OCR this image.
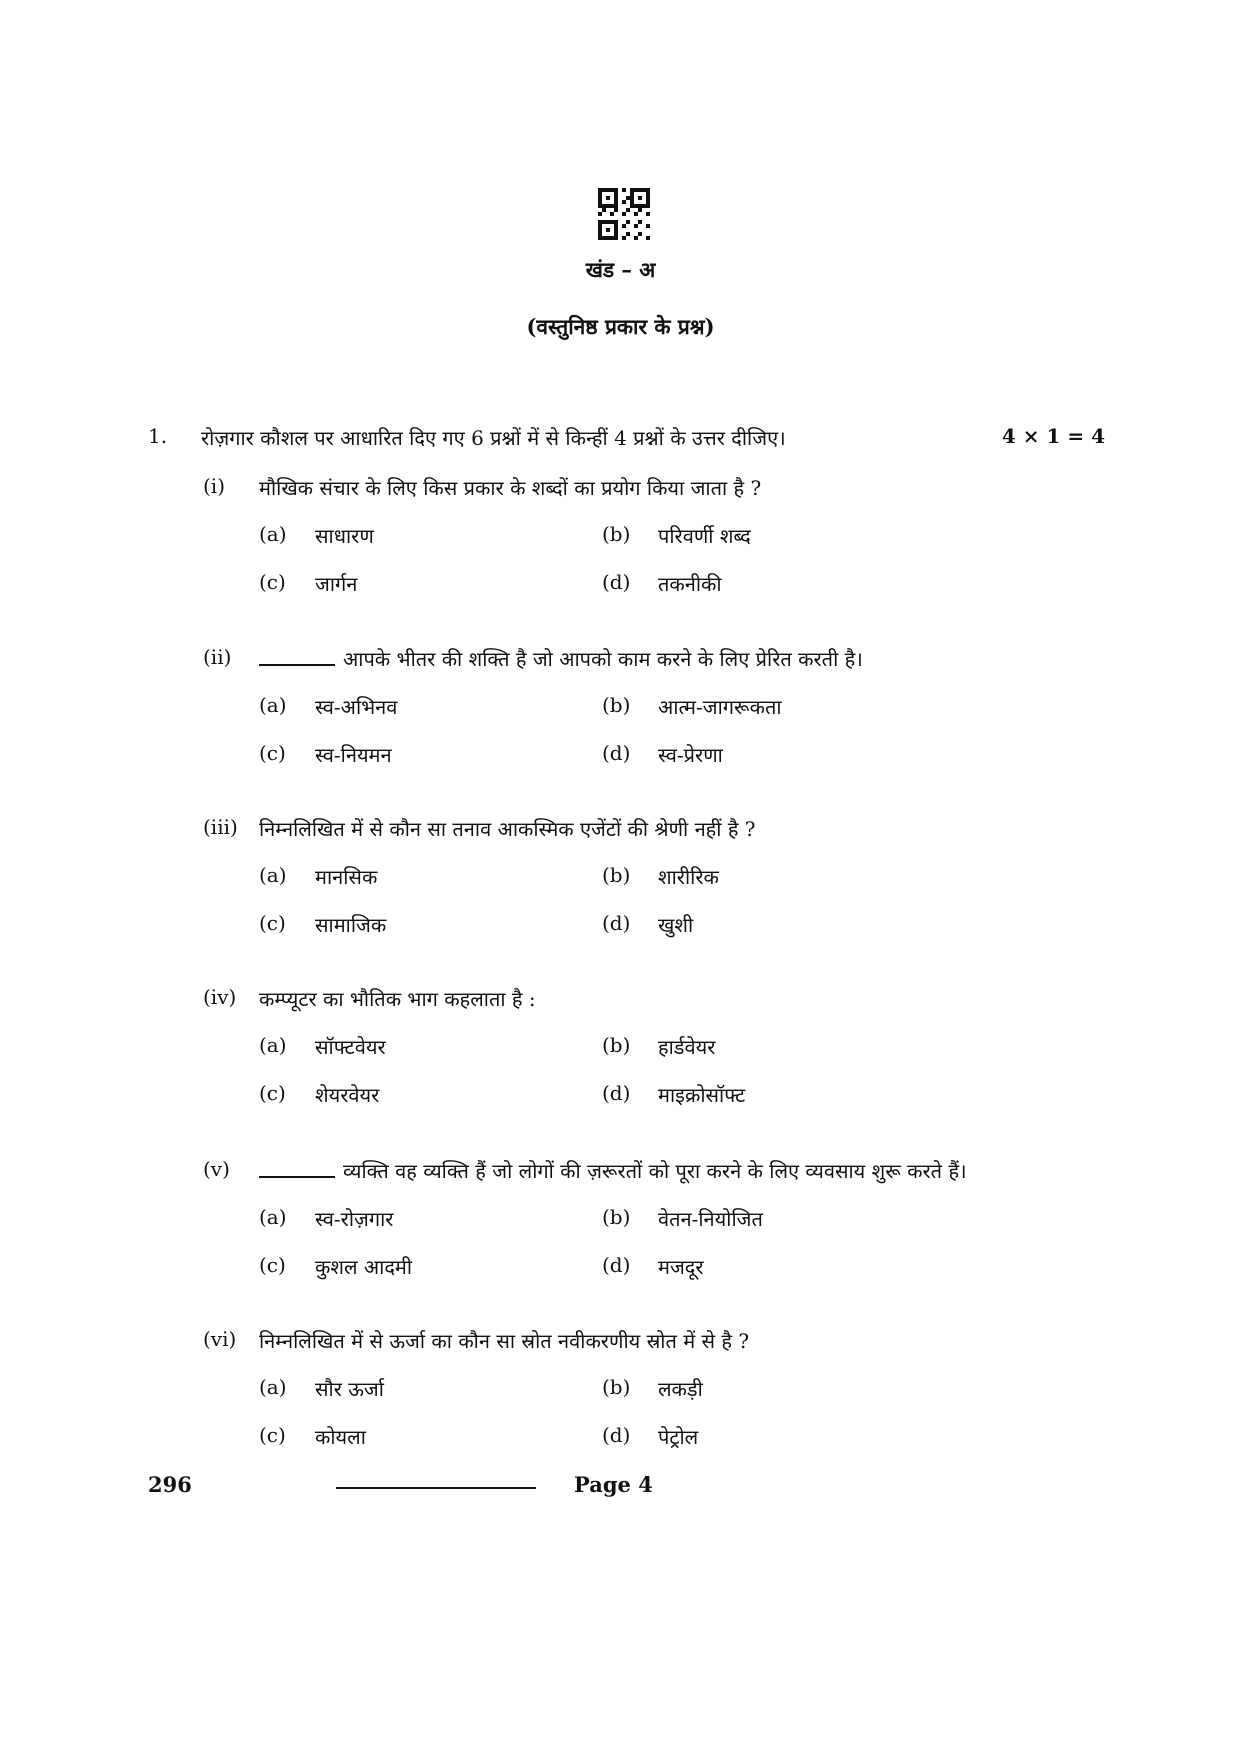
खंड – अ
(वस्तुनिष्ठ प्रकार के प्रश्न)
1. रोज़गार कौशल पर आधारित दिए गए 6 प्रश्नों में से किन्हीं 4 प्रश्नों के उत्तर दीजिए।	4 × 1 = 4
(i) मौखिक संचार के लिए किस प्रकार के शब्दों का प्रयोग किया जाता है ?
(a) साधारण	(b) परिवर्णी शब्द
(c) जार्गन	(d) तकनीकी
(ii)	आपके भीतर की शक्ति है जो आपको काम करने के लिए प्रेरित करती है।
(a) स्व-अभिनव	(b) आत्म-जागरूकता
(c) स्व-नियमन	(d) स्व-प्रेरणा
(iii) निम्नलिखित में से कौन सा तनाव आकस्मिक एजेंटों की श्रेणी नहीं है ?
(a) मानसिक	(b) शारीरिक
(c) सामाजिक	(d) खुशी
(iv) कम्प्यूटर का भौतिक भाग कहलाता है :
(a) सॉफ्टवेयर	(b) हार्डवेयर
(c) शेयरवेयर	(d) माइक्रोसॉफ्ट
(v)	व्यक्ति वह व्यक्ति हैं जो लोगों की ज़रूरतों को पूरा करने के लिए व्यवसाय शुरू करते हैं।
(a) स्व-रोज़गार	(b) वेतन-नियोजित
(c) कुशल आदमी	(d) मजदूर
(vi) निम्नलिखित में से ऊर्जा का कौन सा स्रोत नवीकरणीय स्रोत में से है ?
(a) सौर ऊर्जा	(b) लकड़ी
(c) कोयला	(d) पेट्रोल
296	Page 4
